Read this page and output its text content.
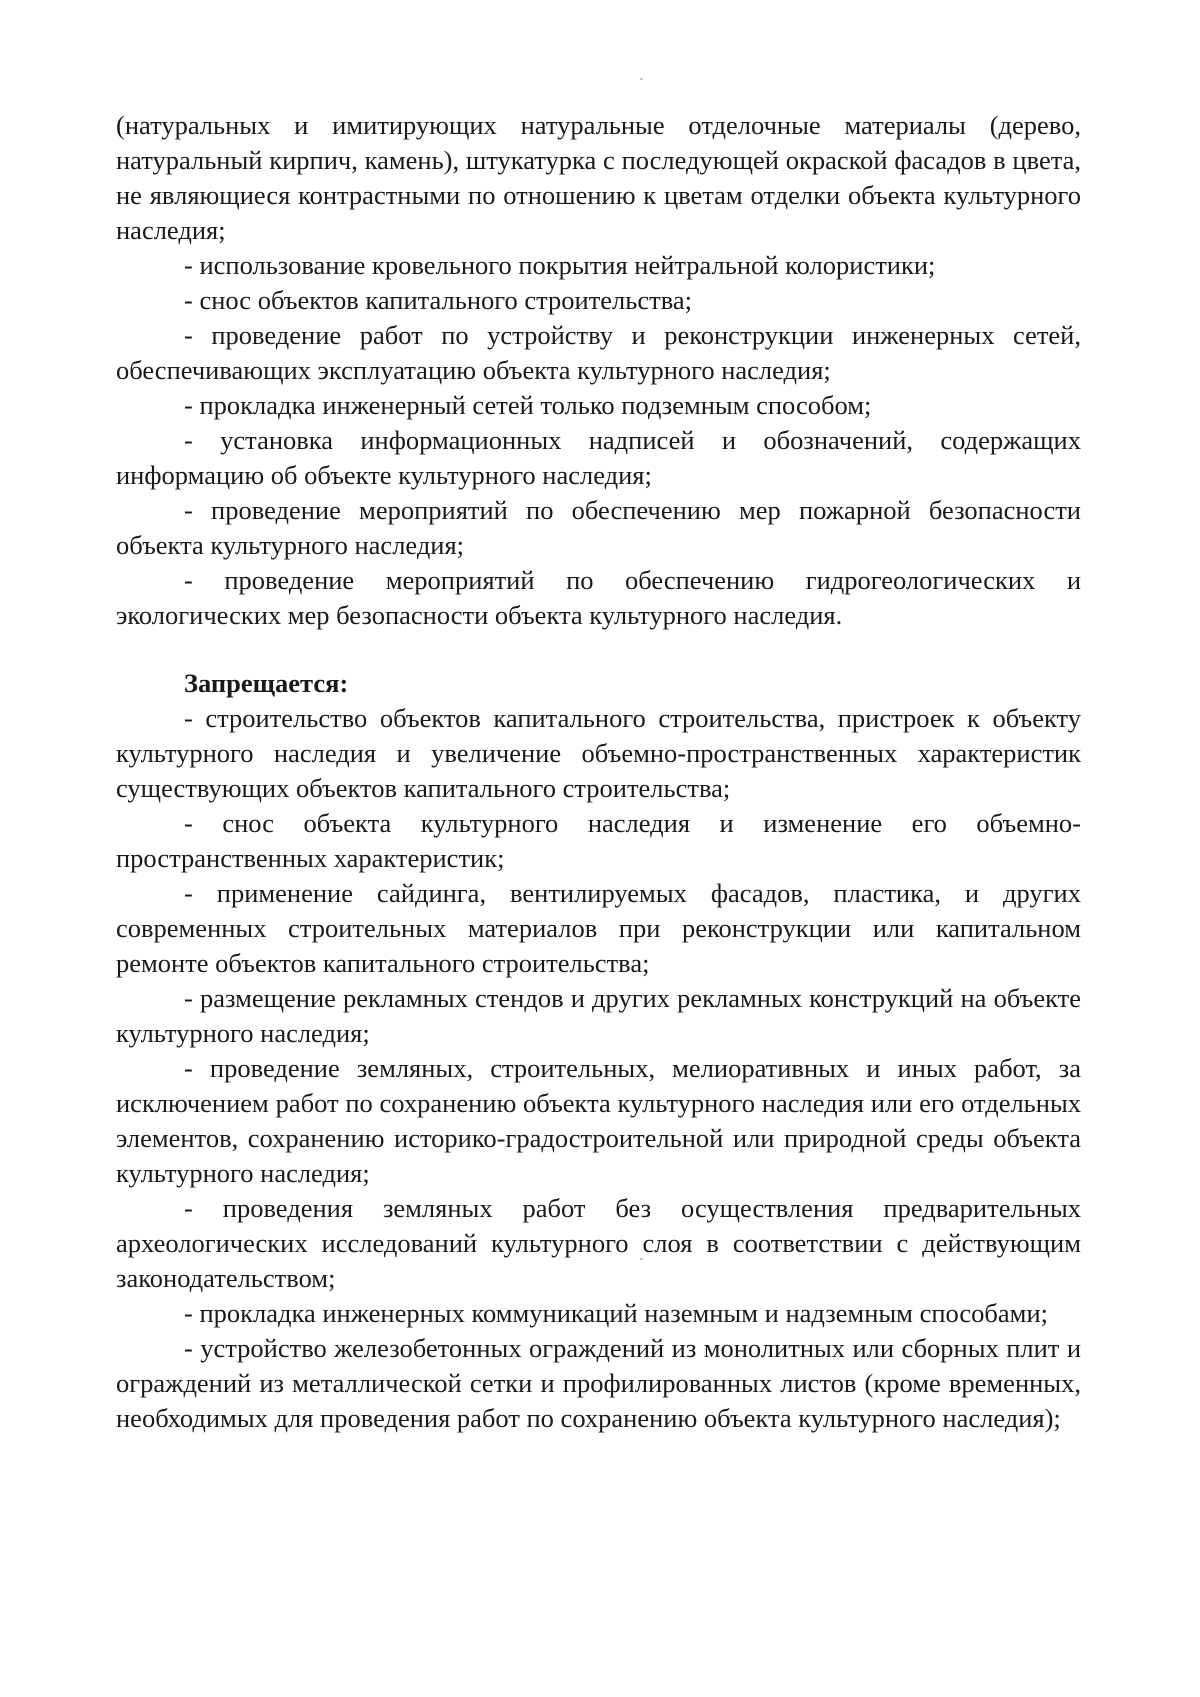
(натуральных и имитирующих натуральные отделочные материалы (дерево, натуральный кирпич, камень), штукатурка с последующей окраской фасадов в цвета, не являющиеся контрастными по отношению к цветам отделки объекта культурного наследия;

- использование кровельного покрытия нейтральной колористики;

- снос объектов капитального строительства;

- проведение работ по устройству и реконструкции инженерных сетей, обеспечивающих эксплуатацию объекта культурного наследия;

- прокладка инженерный сетей только подземным способом;

- установка информационных надписей и обозначений, содержащих информацию об объекте культурного наследия;

- проведение мероприятий по обеспечению мер пожарной безопасности объекта культурного наследия;

- проведение мероприятий по обеспечению гидрогеологических и экологических мер безопасности объекта культурного наследия.

Запрещается:

- строительство объектов капитального строительства, пристроек к объекту культурного наследия и увеличение объемно-пространственных характеристик существующих объектов капитального строительства;

- снос объекта культурного наследия и изменение его объемно-пространственных характеристик;

- применение сайдинга, вентилируемых фасадов, пластика, и других современных строительных материалов при реконструкции или капитальном ремонте объектов капитального строительства;

- размещение рекламных стендов и других рекламных конструкций на объекте культурного наследия;

- проведение земляных, строительных, мелиоративных и иных работ, за исключением работ по сохранению объекта культурного наследия или его отдельных элементов, сохранению историко-градостроительной или природной среды объекта культурного наследия;

- проведения земляных работ без осуществления предварительных археологических исследований культурного слоя в соответствии с действующим законодательством;

- прокладка инженерных коммуникаций наземным и надземным способами;

- устройство железобетонных ограждений из монолитных или сборных плит и ограждений из металлической сетки и профилированных листов (кроме временных, необходимых для проведения работ по сохранению объекта культурного наследия);
